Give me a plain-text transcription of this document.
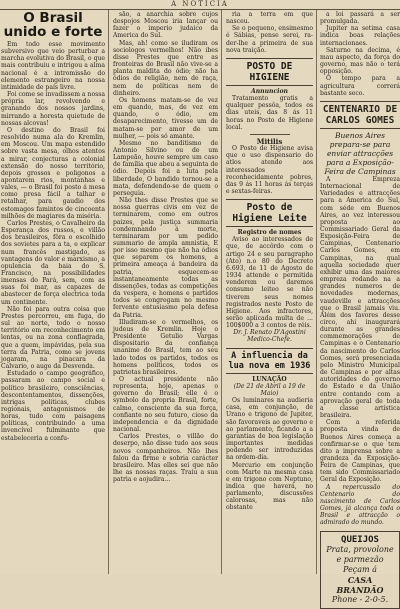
A NOTICIA
O Brasil unido e forte

Em todo esse movimento subversivo que veio perturbar a marcha evolutiva do Brasil, o que mais contribuiu e intrigou a alma nacional é a intromissão do elemento estrangeiro na nossa intimidade de país livre.

Foi come se invadissem a nossa própria lar, revolvendo e granando dos nossos jardins, mirrando a horesta quietude de nossas alcovas!

O destino do Brasil foi resolvido numa ala do Kremlin, em Moscou. Um mapa estendido sobre vasta mesa, olhos atentos a mirar, conjecturas a colonial extensão do nosso território, depois grossos e poligonos a apontarem rios, montanhas e vales, — o Brasil foi posto á mesa como presa fácil a talhar e retalhar, para gaudio dos estomagos famintos de cincoenta milhões de magiares da miséria.

Carlos Prestes, o Cavalheiro da Esperança dos russos, e villão dos brasileiros, fôra o escolhido dos sovietes para a ta, e explicar num francês mastigado, as vantagens do valor e marxismo, a opulencia da baia do S. Francisco, na possibilidades imensas do Pará, sem, com as suas foi mar, as capazes de abastecer de força electrica toda um continente.

Não foi para outra coisa que Prestes percorreu, em fuga, do sul ao norte, todo o nosso território em reconhecimento em lentas, ou na zona conflagrada, que a quem, impávidas, pela sua terra da Patria, como se jovens jogaram, na pinacara da Calvario, o auge da Desvenda.

Estudado o campo geográfico, passaram ao campo social e político brasileiro, consciências, descontentamentos, dissenções, intrigas políticas, clubes regionais, antagonismos de horas, tudo com paisagens políticas, contribuindo a uma invencível fulminante que estabeleceria a confu-

são, a anarchia sobre cujos despojos Moscou iria lançar ou fazer o imperio judaico da America do Sul.

Mas, ah! como se iludiram os sociologos vermelhos! Não ibes disse Prestes que entre as fronteiras do Brasil não vive-se a planta maldita do ódio; não ha ódios de religião, nem de raça, nem de políticas nem de dinheiro.

Os homens matam-se de vez em quando, mas, de vez em quando, o ódio, em desaparecimento, tivesse um de matam-se por amor de um mulher, — pois só amante.

Mesmo no banditismo de Antonio Silvino ou de um Lampeão, houve sempre um caso de família que abeu a seguinta de ódio. Depois foi a luta pela liberdade, O bandido tornou-se a mata, defendendo-se de quem o perseguia.

Não thes disse Prestes que se nossa guerras civis em vez de terminarem, como em outros paizes, pela justiça summaria condemnando á morte, terminaram por um pedido summario de ampla amnistia, E por isso mesmo que não ha ódios que separem os homens, a primeira ameaça á bandeira da patria, esquecem-se instantaneamente todas as dissenções, todas as competições da vespera, e homens e partidos todos se congregam no mesmo fervente entusiasmo pela defesa da Patria.

Illudiram-se o vermelhos, os judeus de Kremlin. Hoje o Presidente Getulio Vargas dispositario da confiança unanime do Brasil, tem ao seu lado todos os partidos, todos os homens políticos, todos os patriotas brasileiros.

O actual presidente não representa, hoje, apenas o governo do Brasil; elle é o symbolo da propria Brasil, forte, calmo, consciente da sua força, confiante no seu futuro, cioso da independencia e da dignidade nacional.

Carlos Prestes, o villão do deserpo, não disse tudo aos seus novos companheiros. Não lhes falou da firme e sobria carácter brasileiro. Mas elles sei que não lhe as nossas raças. Traiu a sua patria e aojudira...

ria a terra em que nasceu.

Se o pequeno, ensimesmo é Sábias, pense serei, ra-der-lhe a primeira de sua nova traição.

POSTO DE HIGIENE
Annuncion

Tratamento gratis a qualquer pessôa, todos os dias uteis, das 8 ás 11 horas no Posto de Higiene local.

Mitilis

O Posto de Higiene avisa que o uso dispensario do atlos atende aos interessados reconhecidamente pobres, das 9 ás 11 horas ás terças e sextas-feiras.

Posto de Higiene Leite
Registro de nomes

Aviso ao interessados de que, de accôrdo com o artigo 24 e seu paragrapho (Ato) n.o 80 do Decreto 6.693, de 11 de Agosto de 1934 attende e permitida venderem ou daremos consumo leiteo se não tiverem seus nomes registrados neste Posto de Higiene. Aos infractores, serão aplicada multa de ... 100$000 a 3 contos de réis.

Dr. J. Renato D'Agostini Medico-Chefe.

A influencia da lua nova em 1936
LUNAÇÃO
(De 21 de Abril a 19 de Maio)

Os luminares na audieria casa, em conjunção, de Urano e trigono de Jupiter, são favoraveis ao governo e ao parlamento, ficando a a garantias de boa legislação importantes medidas podendo ser introduzidas na ordem-dia.

Mercurio em conjunção com Marte na mesma casa e em trigono com Neptuno, indica que haverá, no parlamento, discussões calorosas, mas não obstante

a loi passará a ser promulgada.

Jupiter na setima casa indica boas relações internacionaes.

Saturno na decima, é mau aspecto, da força do governo, mas não o terá opposição.

O tempo para a agricultura correrá bastante seco.

CENTENARIO DE CARLOS GOMES
Buenos Aires prepara-se para enviar attracções para a Exposição-Feira de Campinas

A Empreza Internacional de Variedades e attracções para a America do Sul, com séde em Buenos Aires, ao vez interessou proposta ao Commissariado Geral da Exposição-Feira de Campinas, Centenario Carlos Gomes, em Campinas, na qual aquella sociedade quer exhibir uma das maiores empreza rodando na a grandes numeros de novedades modernas, vaudeville e attracções que o Brasil jamais viu. Além dos favores desse circo, ahi inaugurará durante as grandes commemorações de Campinas e o Centenario da nascimento do Carlos Gomes, será presenciada pelo Ministro Municipal de Campinas e por altas autoridades do governo do Estado e da União entre contando com a aprovação geral de toda a classe artística brasileira.

Com a referida proposta vinda de Buenos Aires começa a confirmar-se o que tem dito a imprensa sobre a grandeza da Exposição-Feira de Campinas, que tem sido Commissariado Geral da Exposição.

A repercussão do Centenario do nascimento de Carlos Gomes, já alcança toda o Brasil e attracção o admirado do mundo.

QUEIJOS
Prata, provolone e parmezão
Peçam á
CASA BRANDÃO
Phone - 2-0-5.
